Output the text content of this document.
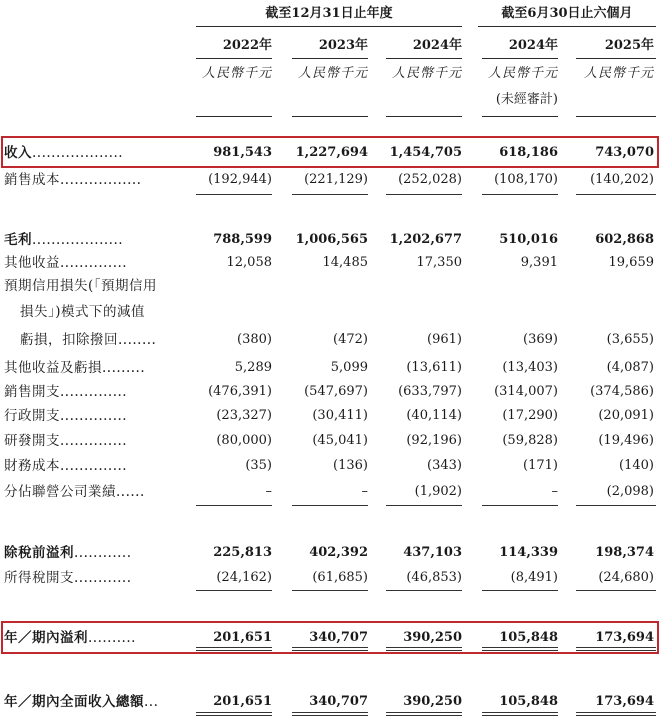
截至12月31日止年度	截至6月30日止六個月
2022年	2023年	2024年	2024年	2025年
人民幣千元 人民幣千元 人民幣千元 人民幣千元 人民幣千元
(未經審計)
收入...................	981,543 1,227,694 1,454,705	618,186	743,070
銷售成本.................	(192,944) (221,129) (252,028) (108,170) (140,202)
毛利...................	788,599 1,006,565 1,202,677	510,016	602,868
其他收益..............	12,058	14,485	17,350	9,391	19,659
預期信用損失(「預期信用
損失」)模式下的減值
虧損，扣除撥回........	(380)	(472)	(961)	(369)	(3,655)
其他收益及虧損.........	5,289	5,099	(13,611)	(13,403)	(4,087)
銷售開支..............	(476,391) (547,697) (633,797) (314,007) (374,586)
行政開支..............	(23,327)	(30,411)	(40,114)	(17,290)	(20,091)
研發開支..............	(80,000)	(45,041)	(92,196)	(59,828)	(19,496)
財務成本..............	(35)	(136)	(343)	(171)	(140)
分佔聯營公司業績......	–	–	(1,902)	–	(2,098)
除稅前溢利............	225,813	402,392	437,103	114,339	198,374
所得稅開支............	(24,162)	(61,685)	(46,853)	(8,491)	(24,680)
年／期內溢利..........	201,651	340,707	390,250	105,848	173,694
年／期內全面收入總額...	201,651	340,707	390,250	105,848	173,694
